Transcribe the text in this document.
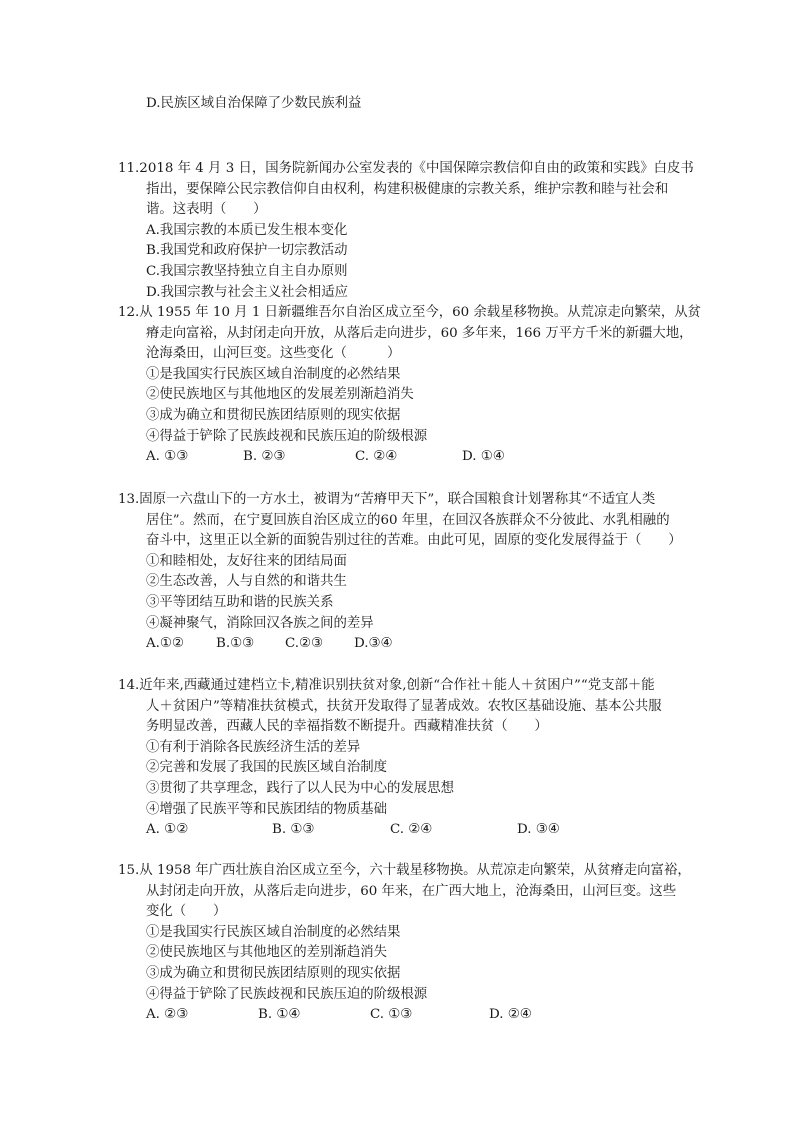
D.民族区域自治保障了少数民族利益
11.2018 年 4 月 3 日，国务院新闻办公室发表的《中国保障宗教信仰自由的政策和实践》白皮书
指出，要保障公民宗教信仰自由权利，构建积极健康的宗教关系，维护宗教和睦与社会和
谐。这表明（　　）
A.我国宗教的本质已发生根本变化
B.我国党和政府保护一切宗教活动
C.我国宗教坚持独立自主自办原则
D.我国宗教与社会主义社会相适应
12.从 1955 年 10 月 1 日新疆维吾尔自治区成立至今，60 余载星移物换。从荒凉走向繁荣，从贫
瘠走向富裕，从封闭走向开放，从落后走向进步，60 多年来，166 万平方千米的新疆大地，
沧海桑田，山河巨变。这些变化（　　　）
①是我国实行民族区域自治制度的必然结果
②使民族地区与其他地区的发展差别渐趋消失
③成为确立和贯彻民族团结原则的现实依据
④得益于铲除了民族歧视和民族压迫的阶级根源
A. ①③	B. ②③	C. ②④	D. ①④
13.固原一六盘山下的一方水土，被谓为“苦瘠甲天下”，联合国粮食计划署称其“不适宜人类
居住”。然而，在宁夏回族自治区成立的60 年里，在回汉各族群众不分彼此、水乳相融的
奋斗中，这里正以全新的面貌告别过往的苦难。由此可见，固原的变化发展得益于（　　）
①和睦相处，友好往来的团结局面
②生态改善，人与自然的和谐共生
③平等团结互助和谐的民族关系
④凝神聚气，消除回汉各族之间的差异
A.①② B.①③ C.②③ D.③④
14.近年来,西藏通过建档立卡,精准识别扶贫对象,创新“合作社＋能人＋贫困户”“党支部＋能
人＋贫困户”等精准扶贫模式，扶贫开发取得了显著成效。农牧区基础设施、基本公共服
务明显改善，西藏人民的幸福指数不断提升。西藏精准扶贫（　　）
①有利于消除各民族经济生活的差异
②完善和发展了我国的民族区域自治制度
③贯彻了共享理念，践行了以人民为中心的发展思想
④增强了民族平等和民族团结的物质基础
A. ①②	B. ①③	C. ②④	D. ③④
15.从 1958 年广西壮族自治区成立至今，六十载星移物换。从荒凉走向繁荣，从贫瘠走向富裕，
从封闭走向开放，从落后走向进步，60 年来，在广西大地上，沧海桑田，山河巨变。这些
变化（　　）
①是我国实行民族区域自治制度的必然结果
②使民族地区与其他地区的差别渐趋消失
③成为确立和贯彻民族团结原则的现实依据
④得益于铲除了民族歧视和民族压迫的阶级根源
A. ②③	B. ①④	C. ①③	D. ②④
